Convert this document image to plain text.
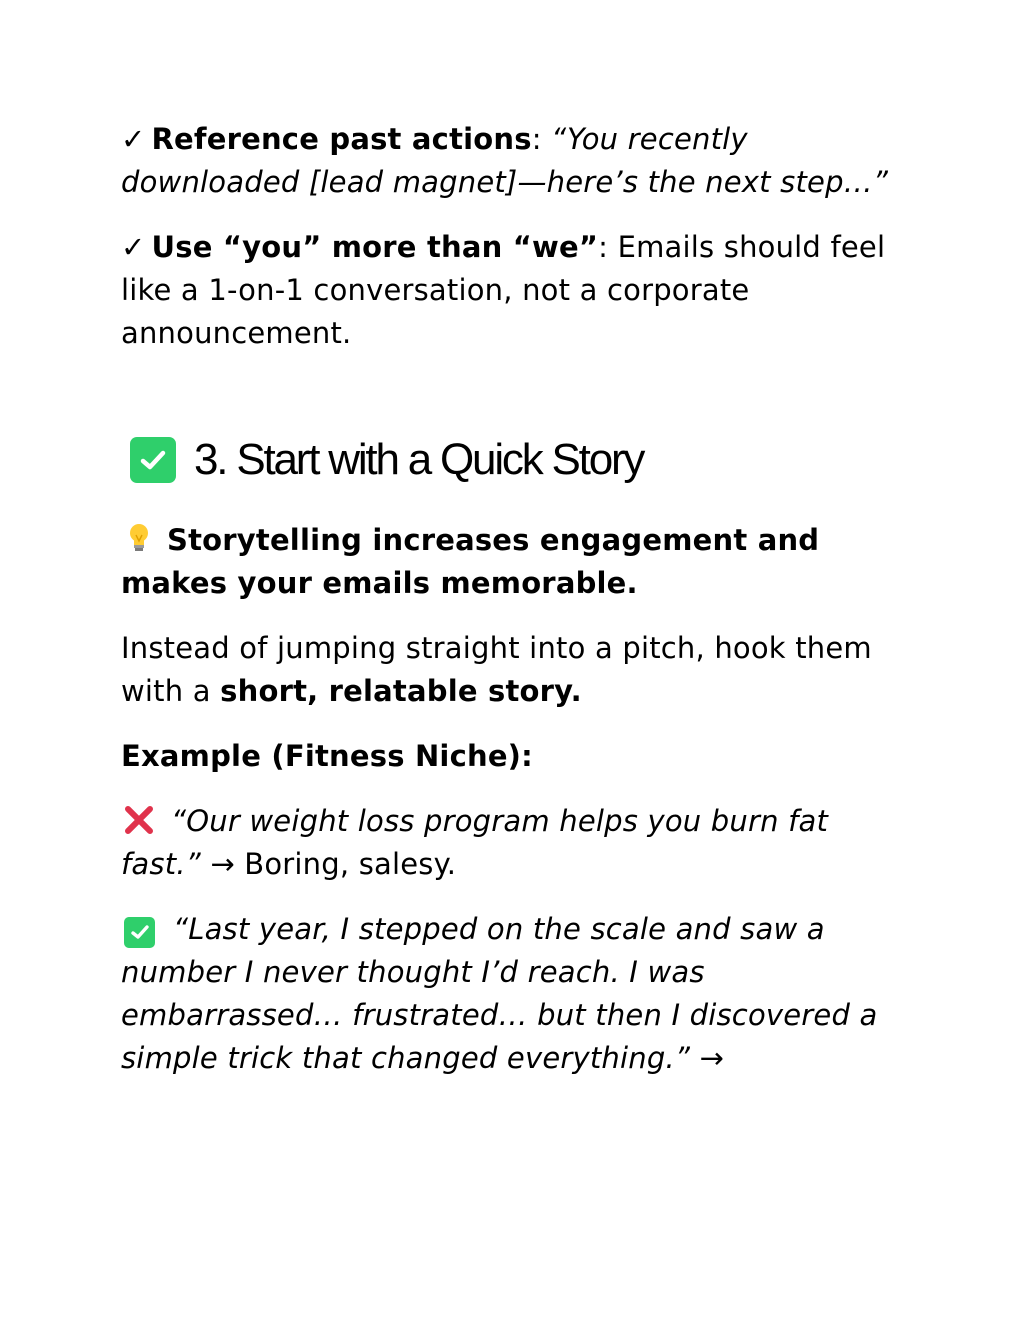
✓ Reference past actions: “You recently downloaded [lead magnet]—here’s the next step…”

✓ Use “you” more than “we”: Emails should feel like a 1-on-1 conversation, not a corporate announcement.

3. Start with a Quick Story

Storytelling increases engagement and makes your emails memorable.

Instead of jumping straight into a pitch, hook them with a short, relatable story.

Example (Fitness Niche):

“Our weight loss program helps you burn fat fast.” → Boring, salesy.

“Last year, I stepped on the scale and saw a number I never thought I’d reach. I was embarrassed… frustrated… but then I discovered a simple trick that changed everything.” →
